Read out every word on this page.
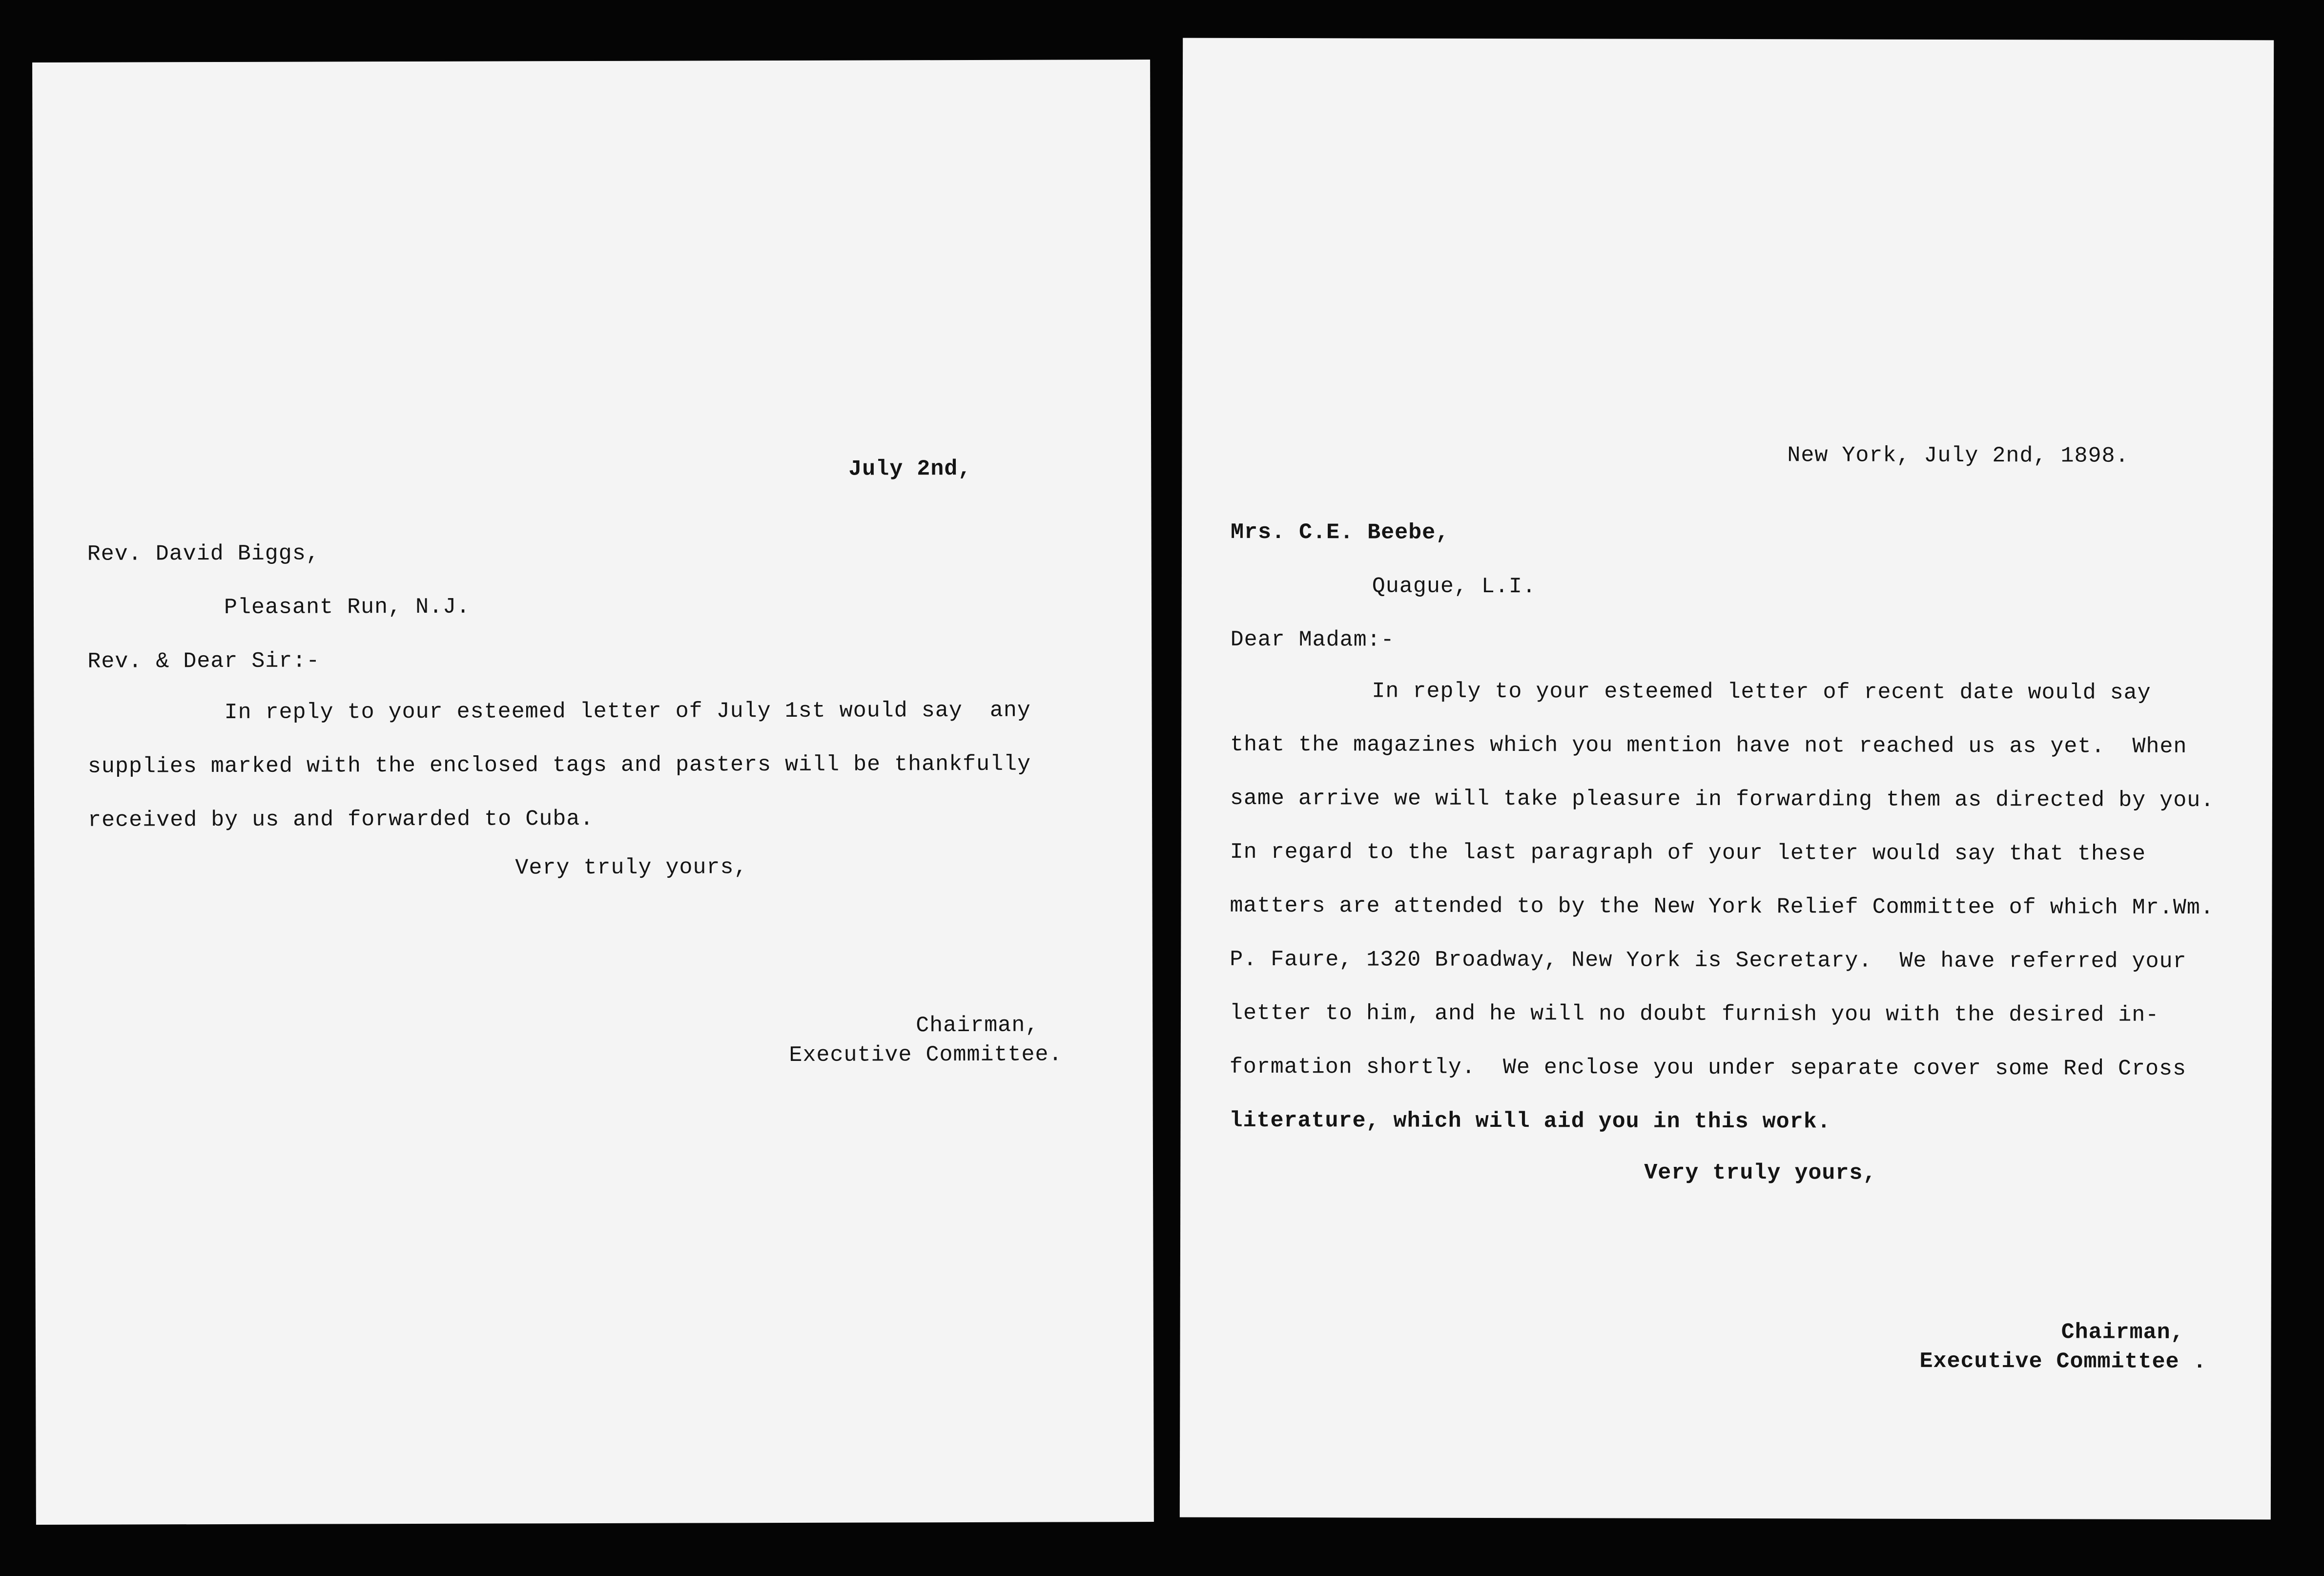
July 2nd,
Rev. David Biggs,
Pleasant Run, N.J.
Rev. & Dear Sir:-
In reply to your esteemed letter of July 1st would say  any
supplies marked with the enclosed tags and pasters will be thankfully
received by us and forwarded to Cuba.
Very truly yours,
Chairman,
Executive Committee.
New York, July 2nd, 1898.
Mrs. C.E. Beebe,
Quague, L.I.
Dear Madam:-
In reply to your esteemed letter of recent date would say
that the magazines which you mention have not reached us as yet.  When
same arrive we will take pleasure in forwarding them as directed by you.
In regard to the last paragraph of your letter would say that these
matters are attended to by the New York Relief Committee of which Mr.Wm.
P. Faure, 1320 Broadway, New York is Secretary.  We have referred your
letter to him, and he will no doubt furnish you with the desired in-
formation shortly.  We enclose you under separate cover some Red Cross
literature, which will aid you in this work.
Very truly yours,
Chairman,
Executive Committee .
